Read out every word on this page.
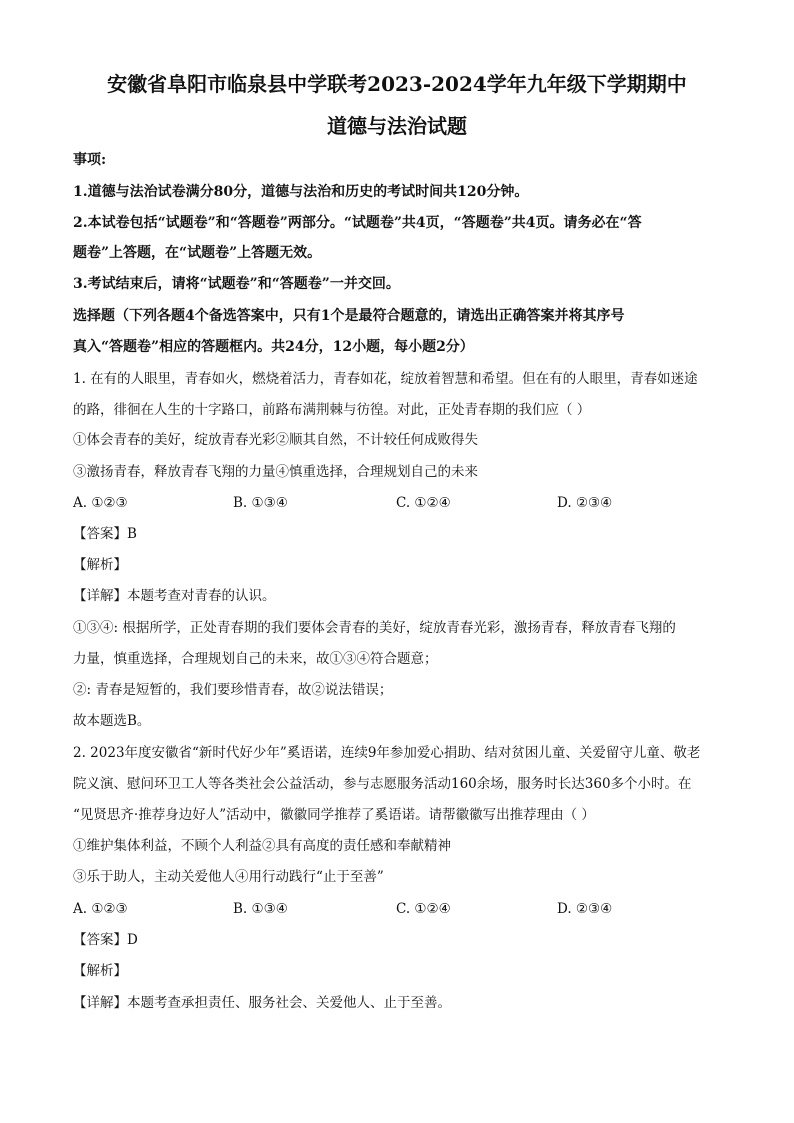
安徽省阜阳市临泉县中学联考2023-2024学年九年级下学期期中
道德与法治试题
事项:
1.道德与法治试卷满分80分，道德与法治和历史的考试时间共120分钟。
2.本试卷包括“试题卷”和“答题卷”两部分。“试题卷”共4页，“答题卷”共4页。请务必在“答
题卷”上答题，在“试题卷”上答题无效。
3.考试结束后，请将“试题卷”和“答题卷”一并交回。
选择题（下列各题4个备选答案中，只有1个是最符合题意的，请选出正确答案并将其序号
真入“答题卷”相应的答题框内。共24分，12小题，每小题2分）
1. 在有的人眼里，青春如火，燃烧着活力，青春如花，绽放着智慧和希望。但在有的人眼里，青春如迷途
的路，徘徊在人生的十字路口，前路布满荆棘与彷徨。对此，正处青春期的我们应（ ）
①体会青春的美好，绽放青春光彩②顺其自然，不计较任何成败得失
③激扬青春，释放青春飞翔的力量④慎重选择，合理规划自己的未来
A. ①②③	B. ①③④	C. ①②④	D. ②③④
【答案】B
【解析】
【详解】本题考查对青春的认识。
①③④: 根据所学，正处青春期的我们要体会青春的美好，绽放青春光彩，激扬青春，释放青春飞翔的
力量，慎重选择，合理规划自己的未来，故①③④符合题意；
②: 青春是短暂的，我们要珍惜青春，故②说法错误；
故本题选B。
2. 2023年度安徽省“新时代好少年”奚语诺，连续9年参加爱心捐助、结对贫困儿童、关爱留守儿童、敬老
院义演、慰问环卫工人等各类社会公益活动，参与志愿服务活动160余场，服务时长达360多个小时。在
“见贤思齐·推荐身边好人”活动中，徽徽同学推荐了奚语诺。请帮徽徽写出推荐理由（ ）
①维护集体利益，不顾个人利益②具有高度的责任感和奉献精神
③乐于助人，主动关爱他人④用行动践行“止于至善”
A. ①②③	B. ①③④	C. ①②④	D. ②③④
【答案】D
【解析】
【详解】本题考查承担责任、服务社会、关爱他人、止于至善。
